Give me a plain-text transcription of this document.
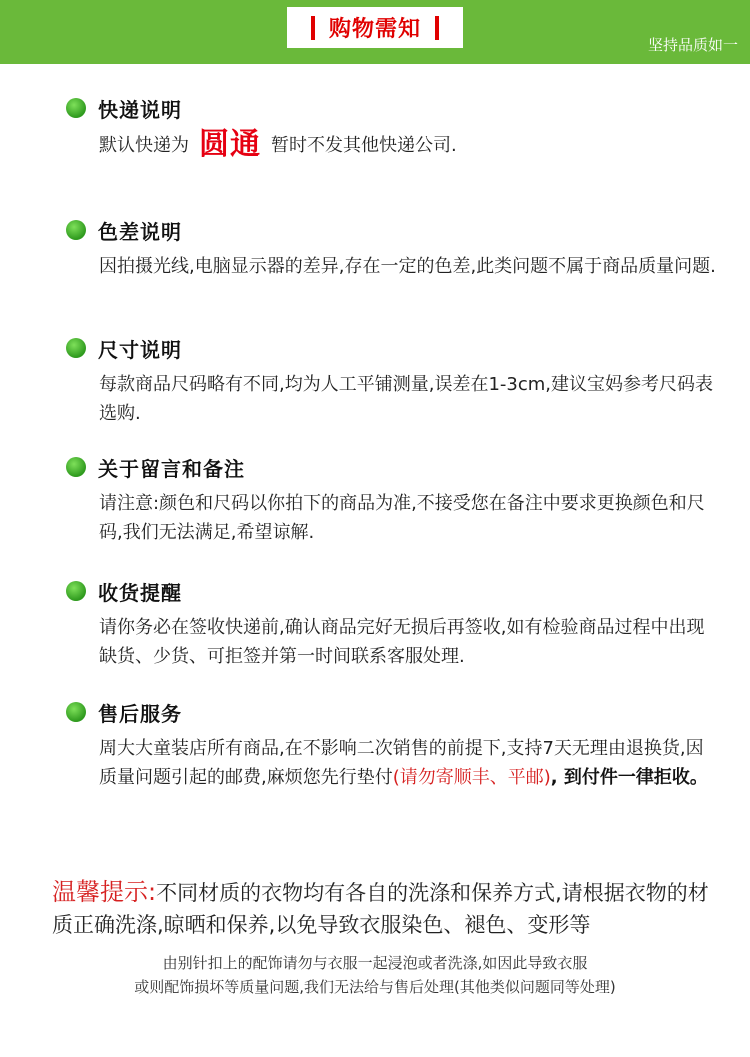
购物需知
坚持品质如一
快递说明
默认快递为 圆通 暂时不发其他快递公司.
色差说明
因拍摄光线,电脑显示器的差异,存在一定的色差,此类问题不属于商品质量问题.
尺寸说明
每款商品尺码略有不同,均为人工平铺测量,误差在1-3cm,建议宝妈参考尺码表选购.
关于留言和备注
请注意:颜色和尺码以你拍下的商品为准,不接受您在备注中要求更换颜色和尺码,我们无法满足,希望谅解.
收货提醒
请你务必在签收快递前,确认商品完好无损后再签收,如有检验商品过程中出现缺货、少货、可拒签并第一时间联系客服处理.
售后服务
周大大童装店所有商品,在不影响二次销售的前提下,支持7天无理由退换货,因质量问题引起的邮费,麻烦您先行垫付(请勿寄顺丰、平邮), 到付件一律拒收。
温馨提示:不同材质的衣物均有各自的洗涤和保养方式,请根据衣物的材质正确洗涤,晾晒和保养,以免导致衣服染色、褪色、变形等
由别针扣上的配饰请勿与衣服一起浸泡或者洗涤,如因此导致衣服
或则配饰损坏等质量问题,我们无法给与售后处理(其他类似问题同等处理)
